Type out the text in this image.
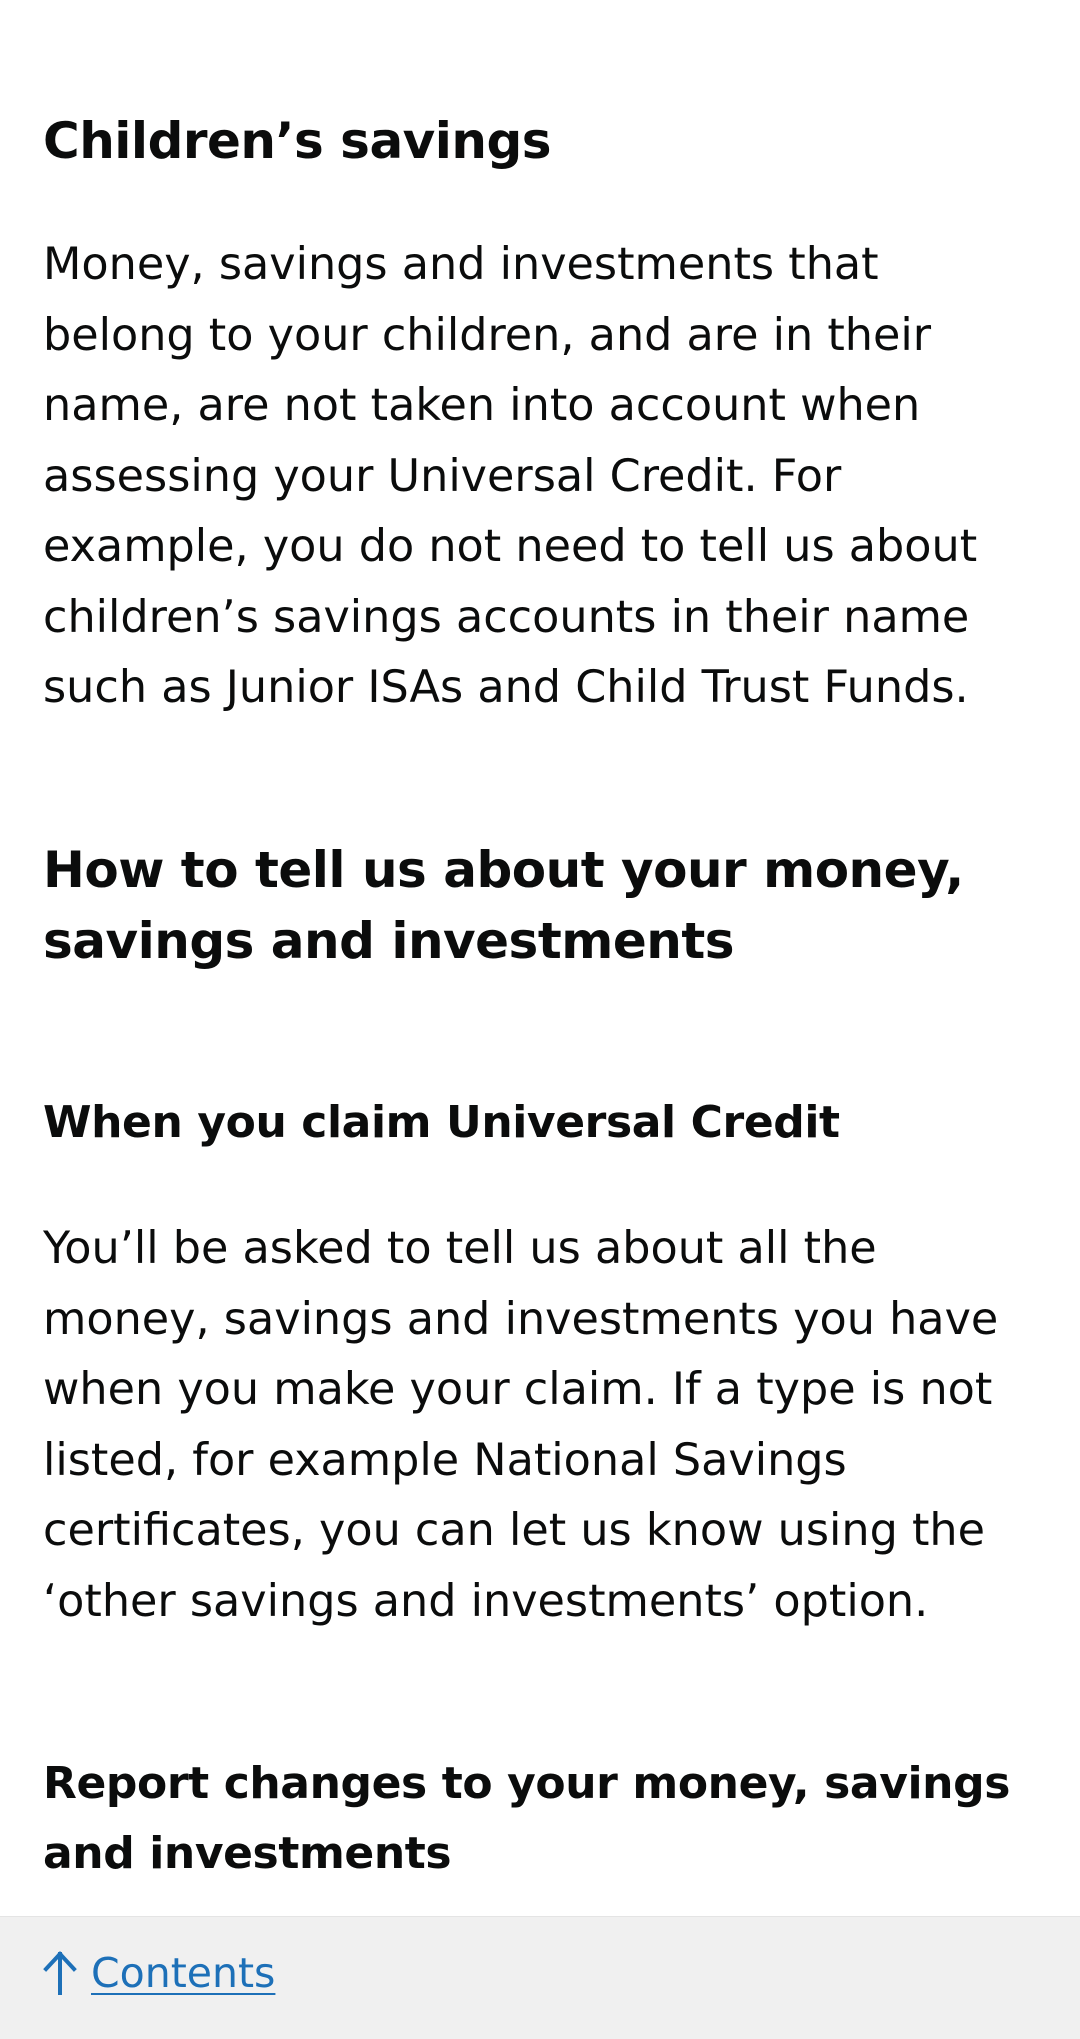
Children’s savings

Money, savings and investments that belong to your children, and are in their name, are not taken into account when assessing your Universal Credit. For example, you do not need to tell us about children’s savings accounts in their name such as Junior ISAs and Child Trust Funds.

How to tell us about your money, savings and investments
When you claim Universal Credit

You’ll be asked to tell us about all the money, savings and investments you have when you make your claim. If a type is not listed, for example National Savings certificates, you can let us know using the ‘other savings and investments’ option.

Report changes to your money, savings and investments
Contents
